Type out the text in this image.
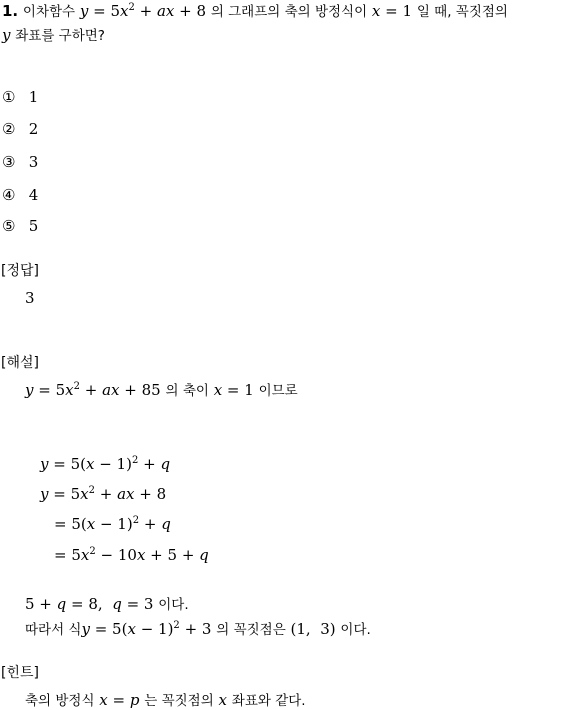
1. 이차함수 $y = 5x^2$ + ax + 8 의 그래프의 축의 방정식이 x = 1 일 때, 꼭짓점의
y 좌표를 구하면?
① 1
② 2
③ 3
④ 4
⑤ 5
[정답]
3
[해설]
$y = 5x^2$ + ax + 85 의 축이 x = 1 이므로
$y = 5(x - 1)^2 + q$
$y = 5x^2$ + ax + 8
= $5(x - 1)^2 + q$
= $5x^2 - 10x + 5 + q$
5 + q = 8,  q = 3 이다.
따라서 식$y = 5(x - 1)^2 + 3$ 의 꼭짓점은 (1,  3) 이다.
[힌트]
축의 방정식 x = p 는 꼭짓점의 x 좌표와 같다.
